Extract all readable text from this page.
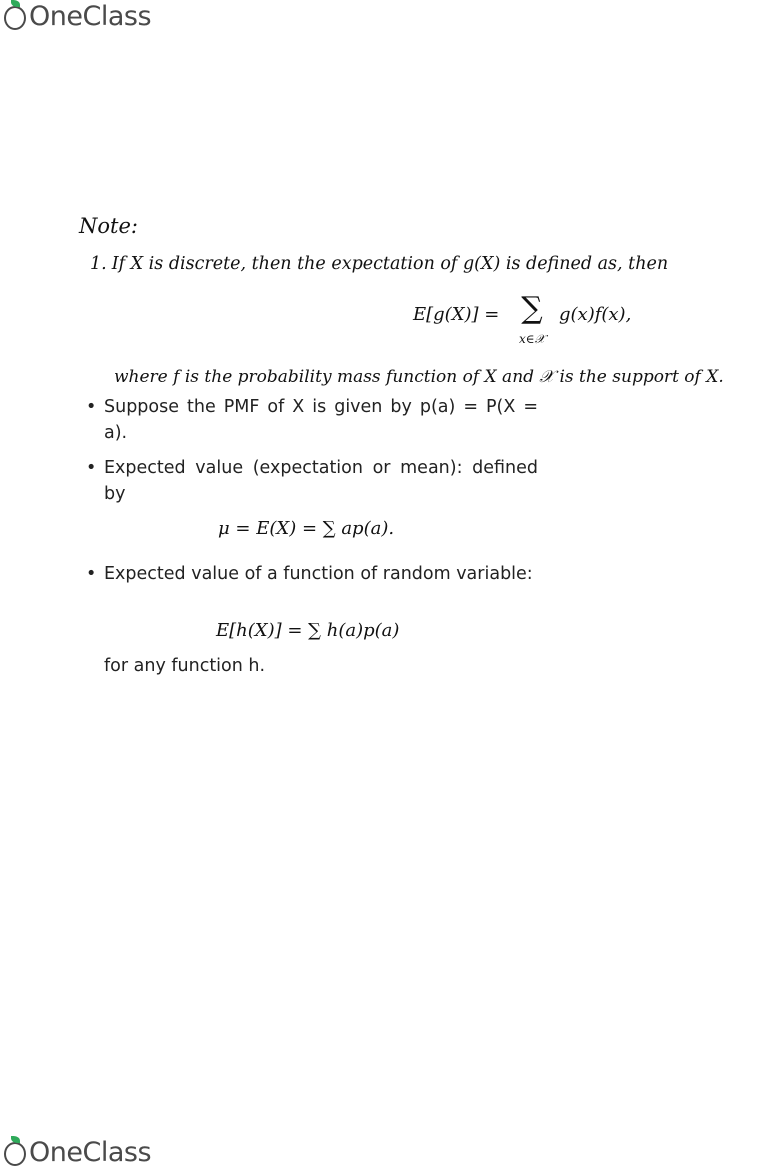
OneClass
Note:
1. If X is discrete, then the expectation of g(X) is defined as, then
E[g(X)] = ∑
x∈𝒳
g(x)f(x),
where f is the probability mass function of X and 𝒳 is the support of X.
• Suppose the PMF of X is given by p(a) = P(X = a).
• Expected value (expectation or mean): defined by
μ = E(X) = ∑ ap(a).
• Expected value of a function of random variable:
E[h(X)] = ∑ h(a)p(a)
for any function h.
OneClass
